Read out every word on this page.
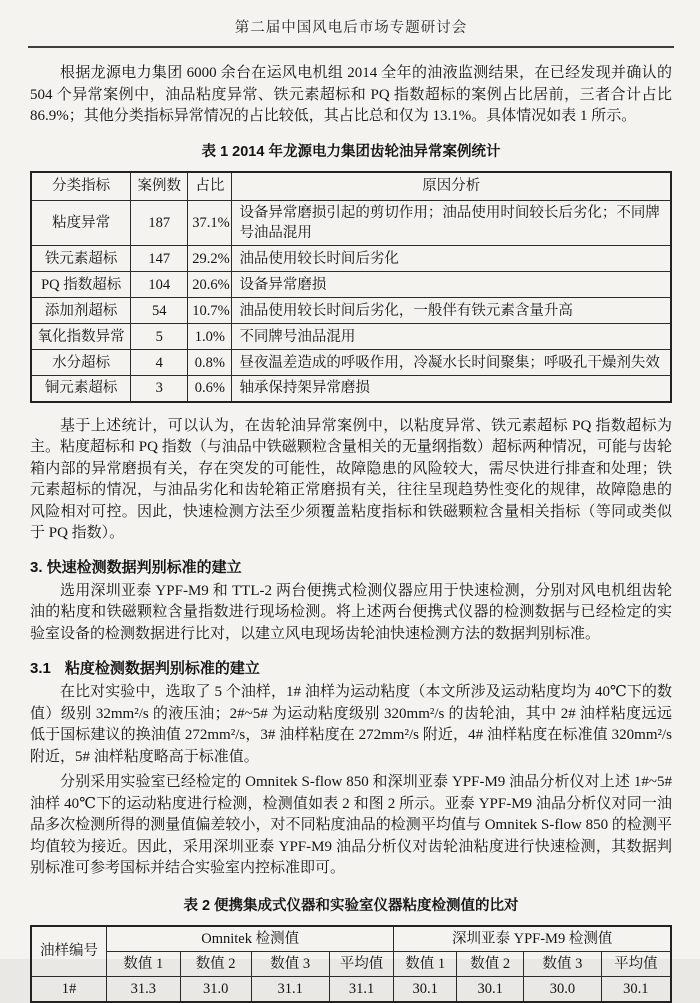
第二届中国风电后市场专题研讨会

根据龙源电力集团 6000 余台在运风电机组 2014 全年的油液监测结果，在已经发现并确认的 504 个异常案例中，油品粘度异常、铁元素超标和 PQ 指数超标的案例占比居前，三者合计占比 86.9%；其他分类指标异常情况的占比较低，其占比总和仅为 13.1%。具体情况如表 1 所示。

表 1 2014 年龙源电力集团齿轮油异常案例统计
分类指标	案例数	占比	原因分析
粘度异常	187	37.1%	设备异常磨损引起的剪切作用；油品使用时间较长后劣化；不同牌号油品混用
铁元素超标	147	29.2%	油品使用较长时间后劣化
PQ 指数超标	104	20.6%	设备异常磨损
添加剂超标	54	10.7%	油品使用较长时间后劣化，一般伴有铁元素含量升高
氧化指数异常	5	1.0%	不同牌号油品混用
水分超标	4	0.8%	昼夜温差造成的呼吸作用，冷凝水长时间聚集；呼吸孔干燥剂失效
铜元素超标	3	0.6%	轴承保持架异常磨损

基于上述统计，可以认为，在齿轮油异常案例中，以粘度异常、铁元素超标 PQ 指数超标为主。粘度超标和 PQ 指数（与油品中铁磁颗粒含量相关的无量纲指数）超标两种情况，可能与齿轮箱内部的异常磨损有关，存在突发的可能性，故障隐患的风险较大，需尽快进行排查和处理；铁元素超标的情况，与油品劣化和齿轮箱正常磨损有关，往往呈现趋势性变化的规律，故障隐患的风险相对可控。因此，快速检测方法至少须覆盖粘度指标和铁磁颗粒含量相关指标（等同或类似于 PQ 指数）。

3. 快速检测数据判别标准的建立

选用深圳亚泰 YPF-M9 和 TTL-2 两台便携式检测仪器应用于快速检测，分别对风电机组齿轮油的粘度和铁磁颗粒含量指数进行现场检测。将上述两台便携式仪器的检测数据与已经检定的实验室设备的检测数据进行比对，以建立风电现场齿轮油快速检测方法的数据判别标准。

3.1 粘度检测数据判别标准的建立

在比对实验中，选取了 5 个油样，1# 油样为运动粘度（本文所涉及运动粘度均为 40℃下的数值）级别 32mm²/s 的液压油；2#~5# 为运动粘度级别 320mm²/s 的齿轮油，其中 2# 油样粘度远远低于国标建议的换油值 272mm²/s，3# 油样粘度在 272mm²/s 附近，4# 油样粘度在标准值 320mm²/s 附近，5# 油样粘度略高于标准值。

分别采用实验室已经检定的 Omnitek S-flow 850 和深圳亚泰 YPF-M9 油品分析仪对上述 1#~5# 油样 40℃下的运动粘度进行检测，检测值如表 2 和图 2 所示。亚泰 YPF-M9 油品分析仪对同一油品多次检测所得的测量值偏差较小，对不同粘度油品的检测平均值与 Omnitek S-flow 850 的检测平均值较为接近。因此，采用深圳亚泰 YPF-M9 油品分析仪对齿轮油粘度进行快速检测，其数据判别标准可参考国标并结合实验室内控标准即可。

表 2 便携集成式仪器和实验室仪器粘度检测值的比对
油样编号	Omnitek 检测值				深圳亚泰 YPF-M9 检测值			
	数值 1	数值 2	数值 3	平均值	数值 1	数值 2	数值 3	平均值
1#	31.3	31.0	31.1	31.1	30.1	30.1	30.0	30.1
